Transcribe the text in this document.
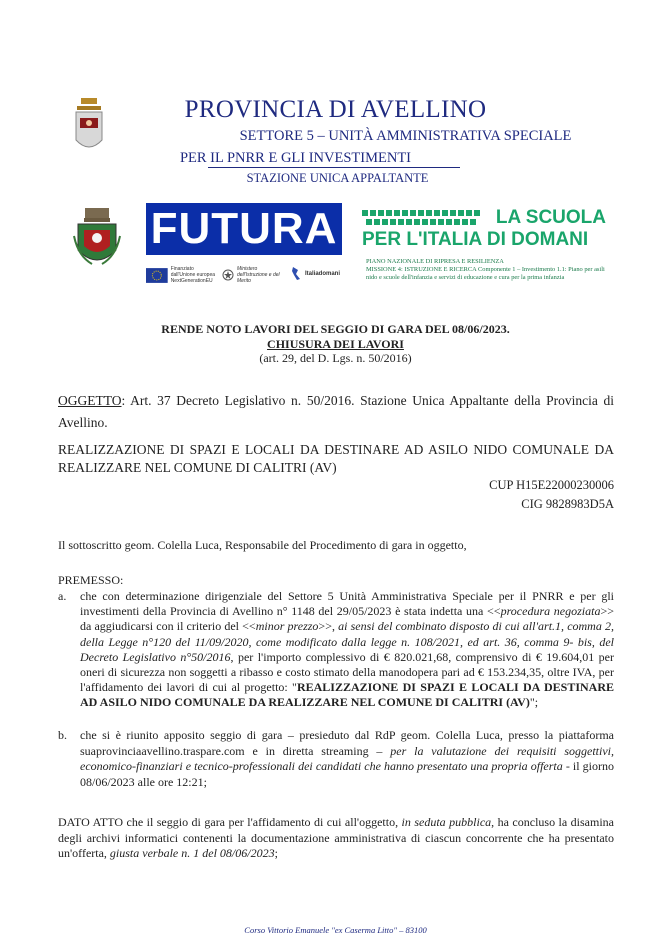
PROVINCIA DI AVELLINO
SETTORE 5 – UNITÀ AMMINISTRATIVA SPECIALE
PER IL PNRR E GLI INVESTIMENTI
STAZIONE UNICA APPALTANTE
FUTURA	LA SCUOLA
PER L'ITALIA DI DOMANI
PIANO NAZIONALE DI RIPRESA E RESILIENZA
MISSIONE 4: ISTRUZIONE E RICERCA Componente 1 – Investimento 1.1: Piano per asili nido e scuole dell'infanzia e servizi di educazione e cura per la prima infanzia
Finanziato dall'Unione europea NextGenerationEU
Ministero dell'Istruzione e del Merito
Italiadomani
RENDE NOTO LAVORI DEL SEGGIO DI GARA DEL 08/06/2023.
CHIUSURA DEI LAVORI
(art. 29, del D. Lgs. n. 50/2016)
OGGETTO: Art. 37 Decreto Legislativo n. 50/2016. Stazione Unica Appaltante della Provincia di Avellino.
REALIZZAZIONE DI SPAZI E LOCALI DA DESTINARE AD ASILO NIDO COMUNALE DA REALIZZARE NEL COMUNE DI CALITRI (AV)
CUP H15E22000230006
CIG 9828983D5A
Il sottoscritto geom. Colella Luca, Responsabile del Procedimento di gara in oggetto,
PREMESSO:
a. che con determinazione dirigenziale del Settore 5 Unità Amministrativa Speciale per il PNRR e per gli investimenti della Provincia di Avellino n° 1148 del 29/05/2023 è stata indetta una <<procedura negoziata>> da aggiudicarsi con il criterio del <<minor prezzo>>, ai sensi del combinato disposto di cui all'art.1, comma 2, della Legge n°120 del 11/09/2020, come modificato dalla legge n. 108/2021, ed art. 36, comma 9- bis, del Decreto Legislativo n°50/2016, per l'importo complessivo di € 820.021,68, comprensivo di € 19.604,01 per oneri di sicurezza non soggetti a ribasso e costo stimato della manodopera pari ad € 153.234,35, oltre IVA, per l'affidamento dei lavori di cui al progetto: "REALIZZAZIONE DI SPAZI E LOCALI DA DESTINARE AD ASILO NIDO COMUNALE DA REALIZZARE NEL COMUNE DI CALITRI (AV)";
b. che si è riunito apposito seggio di gara – presieduto dal RdP geom. Colella Luca, presso la piattaforma suaprovinciaavellino.traspare.com e in diretta streaming – per la valutazione dei requisiti soggettivi, economico-finanziari e tecnico-professionali dei candidati che hanno presentato una propria offerta - il giorno 08/06/2023 alle ore 12:21;
DATO ATTO che il seggio di gara per l'affidamento di cui all'oggetto, in seduta pubblica, ha concluso la disamina degli archivi informatici contenenti la documentazione amministrativa di ciascun concorrente che ha presentato un'offerta, giusta verbale n. 1 del 08/06/2023;
Corso Vittorio Emanuele "ex Caserma Litto" – 83100
